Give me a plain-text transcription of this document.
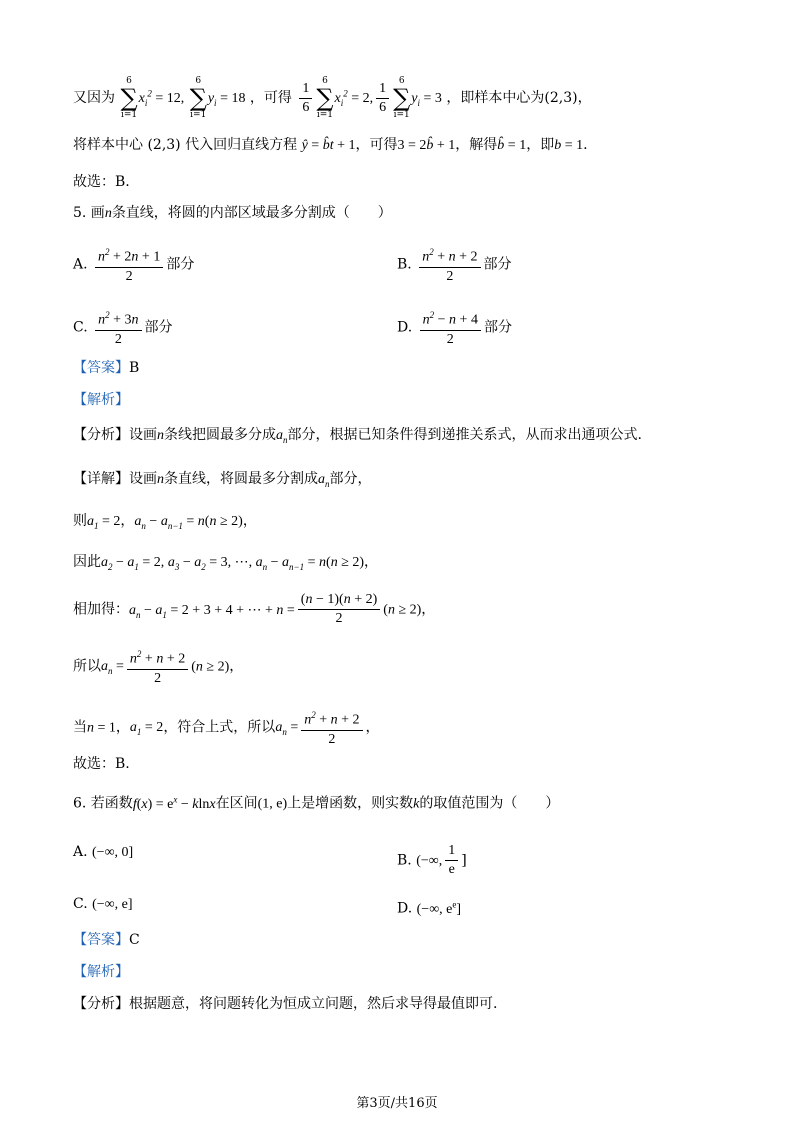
又因为
6
∑
i=1
$x_i^2 = 12$,
6
∑
i=1
$y_i = 18$ ，可得 $\frac{1}{6}$	6
∑
i=1
$x_i^2 = 2$, $\frac{1}{6}$	6
∑
i=1
$y_i = 3$ ，即样本中心为(2,3)，
将样本中心 (2,3) 代入回归直线方程 ŷ = b̂t + 1，可得3 = 2b̂ + 1，解得b̂ = 1，即b = 1.
故选：B.
5. 画n条直线，将圆的内部区域最多分割成（　　）
A. $\frac{n^2 + 2n + 1}{2}$ 部分	B. $\frac{n^2 + n + 2}{2}$ 部分
C. $\frac{n^2 + 3n}{2}$ 部分	D. $\frac{n^2 - n + 4}{2}$ 部分
【答案】B
【解析】
【分析】设画n条线把圆最多分成$a_n$部分，根据已知条件得到递推关系式，从而求出通项公式.
【详解】设画n条直线，将圆最多分割成$a_n$部分，
则$a_1 = 2$，$a_n - a_{n-1} = n(n \ge 2)$，
因此$a_2 - a_1 = 2$, $a_3 - a_2 = 3$, ⋯, $a_n - a_{n-1} = n(n \ge 2)$，
相加得：$a_n - a_1 = 2 + 3 + 4$ + ⋯ + $n = \frac{(n - 1)(n + 2)}{2} (n \ge 2)$，
所以$a_n = \frac{n^2 + n + 2}{2} (n \ge 2)$，
当n = 1，$a_1 = 2$，符合上式，所以$a_n = \frac{n^2 + n + 2}{2}$ ，
故选：B.
6. 若函数$f(x) = e^x - klnx$在区间(1, e)上是增函数，则实数k的取值范围为（　　）
A. (−∞, 0]	B. (−∞, $\frac{1}{e}$ ]
C. (−∞, e]	D. (−∞, $e^e$]
【答案】C
【解析】
【分析】根据题意，将问题转化为恒成立问题，然后求导得最值即可.
第3页/共16页
